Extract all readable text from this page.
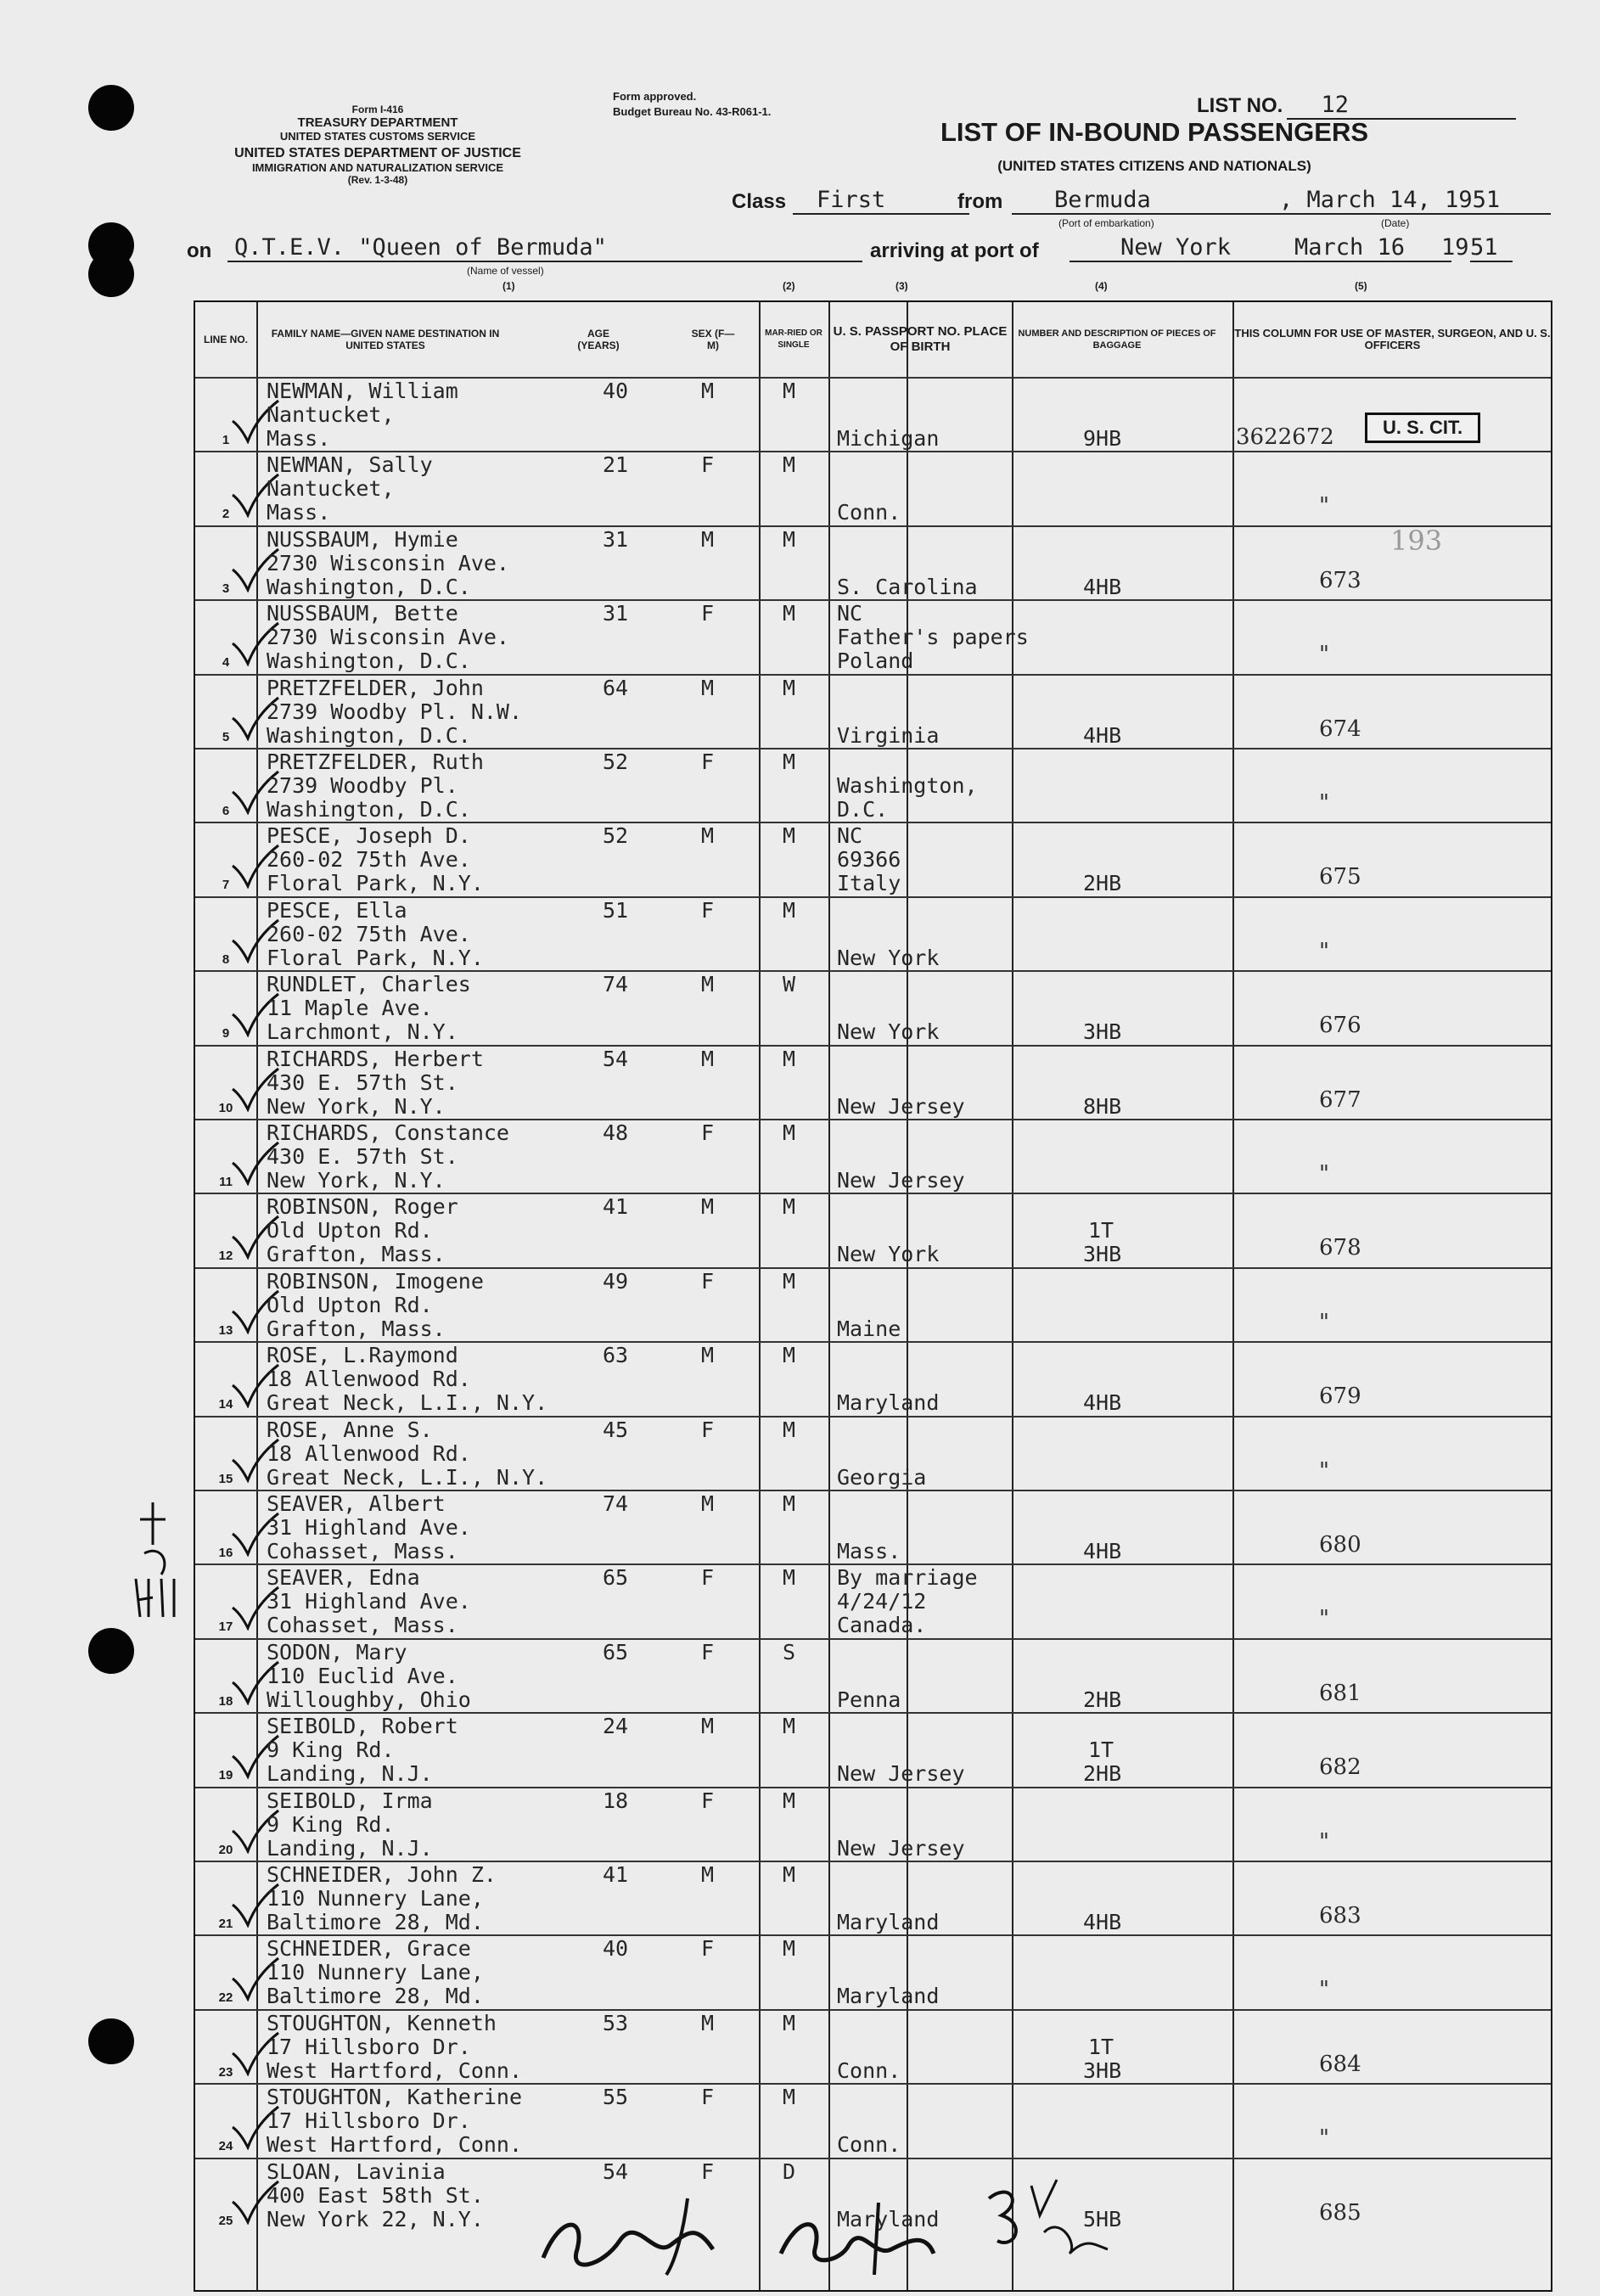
Form I-416
TREASURY DEPARTMENT
UNITED STATES CUSTOMS SERVICE
UNITED STATES DEPARTMENT OF JUSTICE
IMMIGRATION AND NATURALIZATION SERVICE
(Rev. 1-3-48)
Form approved.
Budget Bureau No. 43-R061-1.	LIST NO. 12
LIST OF IN-BOUND PASSENGERS
(UNITED STATES CITIZENS AND NATIONALS)
Class	First	from	Bermuda	, March 14, 1951
(Port of embarkation)	(Date)
on Q.T.E.V. "Queen of Bermuda"
(Name of vessel)
arriving at port of	New York	March 16	19 51
(1)	(2)	(3)	(4)	(5)
LINE NO.	FAMILY NAME—GIVEN NAME DESTINATION IN UNITED STATES
AGE (YEARS)
SEX (F—M)
MAR-RIED OR SINGLE
U. S. PASSPORT NO. PLACE OF BIRTH
NUMBER AND DESCRIPTION OF PIECES OF BAGGAGE
THIS COLUMN FOR USE OF MASTER, SURGEON, AND U. S. OFFICERS
1
NEWMAN, William
Nantucket,
Mass.
40	M	M
Michigan	9HB	3622672
2
NEWMAN, Sally
Nantucket,
Mass.
21	F	M
Conn.	"
3
NUSSBAUM, Hymie
2730 Wisconsin Ave.
Washington, D.C.
31	M	M
S. Carolina	4HB	673
4
NUSSBAUM, Bette
2730 Wisconsin Ave.
Washington, D.C.
31	F	M NC
Father's papers
Poland	"
5
PRETZFELDER, John
2739 Woodby Pl. N.W.
Washington, D.C.
64	M	M
Virginia	4HB	674
6
PRETZFELDER, Ruth
2739 Woodby Pl.
Washington, D.C.
52	F	M
Washington,
D.C.	"
7
PESCE, Joseph D.
260-02 75th Ave.
Floral Park, N.Y.
52	M	M NC
69366
Italy	2HB	675
8
PESCE, Ella
260-02 75th Ave.
Floral Park, N.Y.
51	F	M
New York	"
9
RUNDLET, Charles
11 Maple Ave.
Larchmont, N.Y.
74	M	W
New York	3HB	676
10
RICHARDS, Herbert
430 E. 57th St.
New York, N.Y.
54	M	M
New Jersey	8HB	677
11
RICHARDS, Constance
430 E. 57th St.
New York, N.Y.
48	F	M
New Jersey	"
12
ROBINSON, Roger
Old Upton Rd.
Grafton, Mass.
41	M	M
New York
1T
3HB	678
13
ROBINSON, Imogene
Old Upton Rd.
Grafton, Mass.
49	F	M
Maine	"
14
ROSE, L.Raymond
18 Allenwood Rd.
Great Neck, L.I., N.Y.
63	M	M
Maryland	4HB	679
15
ROSE, Anne S.
18 Allenwood Rd.
Great Neck, L.I., N.Y.
45	F	M
Georgia	"
16
SEAVER, Albert
31 Highland Ave.
Cohasset, Mass.
74	M	M
Mass.	4HB	680
17
SEAVER, Edna
31 Highland Ave.
Cohasset, Mass.
65	F	M By marriage
4/24/12
Canada.	"
18
SODON, Mary
110 Euclid Ave.
Willoughby, Ohio
65	F	S
Penna	2HB	681
19
SEIBOLD, Robert
9 King Rd.
Landing, N.J.
24	M	M
New Jersey
1T
2HB	682
20
SEIBOLD, Irma
9 King Rd.
Landing, N.J.
18	F	M
New Jersey	"
21
SCHNEIDER, John Z.
110 Nunnery Lane,
Baltimore 28, Md.
41	M	M
Maryland	4HB	683
22
SCHNEIDER, Grace
110 Nunnery Lane,
Baltimore 28, Md.
40	F	M
Maryland	"
23
STOUGHTON, Kenneth
17 Hillsboro Dr.
West Hartford, Conn.
53	M	M
Conn.
1T
3HB	684
24
STOUGHTON, Katherine
17 Hillsboro Dr.
West Hartford, Conn.
55	F	M
Conn.	"
25
SLOAN, Lavinia
400 East 58th St.
New York 22, N.Y.
54	F	D
Maryland	5HB	685
U. S. CIT.
193
